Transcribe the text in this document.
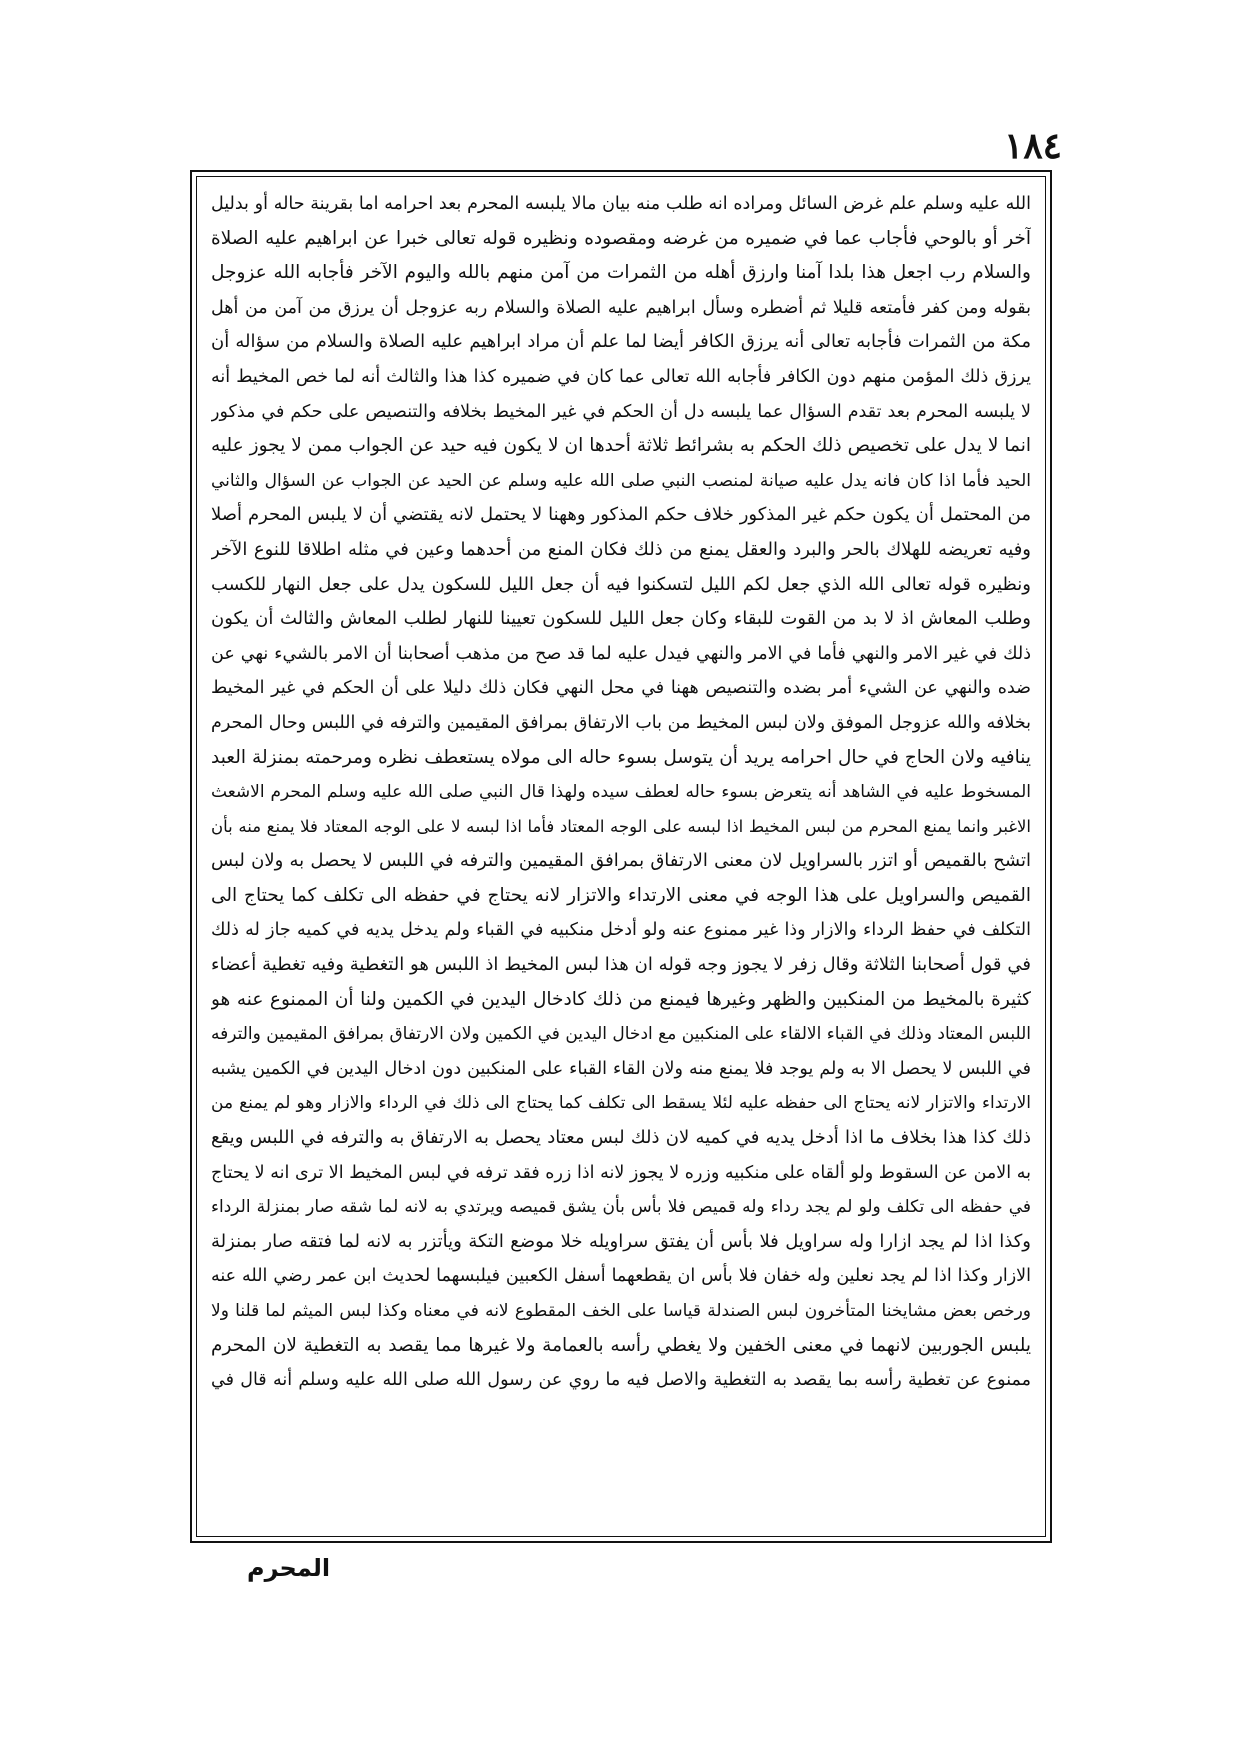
١٨٤
الله عليه وسلم علم غرض السائل ومراده انه طلب منه بيان مالا يلبسه المحرم بعد احرامه اما بقرينة حاله أو بدليل
آخر أو بالوحي فأجاب عما في ضميره من غرضه ومقصوده ونظيره قوله تعالى خبرا عن ابراهيم عليه الصلاة
والسلام رب اجعل هذا بلدا آمنا وارزق أهله من الثمرات من آمن منهم بالله واليوم الآخر فأجابه الله عزوجل
بقوله ومن كفر فأمتعه قليلا ثم أضطره وسأل ابراهيم عليه الصلاة والسلام ربه عزوجل أن يرزق من آمن من أهل
مكة من الثمرات فأجابه تعالى أنه يرزق الكافر أيضا لما علم أن مراد ابراهيم عليه الصلاة والسلام من سؤاله أن
يرزق ذلك المؤمن منهم دون الكافر فأجابه الله تعالى عما كان في ضميره كذا هذا والثالث أنه لما خص المخيط أنه
لا يلبسه المحرم بعد تقدم السؤال عما يلبسه دل أن الحكم في غير المخيط بخلافه والتنصيص على حكم في مذكور
انما لا يدل على تخصيص ذلك الحكم به بشرائط ثلاثة أحدها ان لا يكون فيه حيد عن الجواب ممن لا يجوز عليه
الحيد فأما اذا كان فانه يدل عليه صيانة لمنصب النبي صلى الله عليه وسلم عن الحيد عن الجواب عن السؤال والثاني
من المحتمل أن يكون حكم غير المذكور خلاف حكم المذكور وههنا لا يحتمل لانه يقتضي أن لا يلبس المحرم أصلا
وفيه تعريضه للهلاك بالحر والبرد والعقل يمنع من ذلك فكان المنع من أحدهما وعين في مثله اطلاقا للنوع الآخر
ونظيره قوله تعالى الله الذي جعل لكم الليل لتسكنوا فيه أن جعل الليل للسكون يدل على جعل النهار للكسب
وطلب المعاش اذ لا بد من القوت للبقاء وكان جعل الليل للسكون تعيينا للنهار لطلب المعاش والثالث أن يكون
ذلك في غير الامر والنهي فأما في الامر والنهي فيدل عليه لما قد صح من مذهب أصحابنا أن الامر بالشيء نهي عن
ضده والنهي عن الشيء أمر بضده والتنصيص ههنا في محل النهي فكان ذلك دليلا على أن الحكم في غير المخيط
بخلافه والله عزوجل الموفق ولان لبس المخيط من باب الارتفاق بمرافق المقيمين والترفه في اللبس وحال المحرم
ينافيه ولان الحاج في حال احرامه يريد أن يتوسل بسوء حاله الى مولاه يستعطف نظره ومرحمته بمنزلة العبد
المسخوط عليه في الشاهد أنه يتعرض بسوء حاله لعطف سيده ولهذا قال النبي صلى الله عليه وسلم المحرم الاشعث
الاغبر وانما يمنع المحرم من لبس المخيط اذا لبسه على الوجه المعتاد فأما اذا لبسه لا على الوجه المعتاد فلا يمنع منه بأن
اتشح بالقميص أو اتزر بالسراويل لان معنى الارتفاق بمرافق المقيمين والترفه في اللبس لا يحصل به ولان لبس
القميص والسراويل على هذا الوجه في معنى الارتداء والاتزار لانه يحتاج في حفظه الى تكلف كما يحتاج الى
التكلف في حفظ الرداء والازار وذا غير ممنوع عنه ولو أدخل منكبيه في القباء ولم يدخل يديه في كميه جاز له ذلك
في قول أصحابنا الثلاثة وقال زفر لا يجوز وجه قوله ان هذا لبس المخيط اذ اللبس هو التغطية وفيه تغطية أعضاء
كثيرة بالمخيط من المنكبين والظهر وغيرها فيمنع من ذلك كادخال اليدين في الكمين ولنا أن الممنوع عنه هو
اللبس المعتاد وذلك في القباء الالقاء على المنكبين مع ادخال اليدين في الكمين ولان الارتفاق بمرافق المقيمين والترفه
في اللبس لا يحصل الا به ولم يوجد فلا يمنع منه ولان القاء القباء على المنكبين دون ادخال اليدين في الكمين يشبه
الارتداء والاتزار لانه يحتاج الى حفظه عليه لئلا يسقط الى تكلف كما يحتاج الى ذلك في الرداء والازار وهو لم يمنع من
ذلك كذا هذا بخلاف ما اذا أدخل يديه في كميه لان ذلك لبس معتاد يحصل به الارتفاق به والترفه في اللبس ويقع
به الامن عن السقوط ولو ألقاه على منكبيه وزره لا يجوز لانه اذا زره فقد ترفه في لبس المخيط الا ترى انه لا يحتاج
في حفظه الى تكلف ولو لم يجد رداء وله قميص فلا بأس بأن يشق قميصه ويرتدي به لانه لما شقه صار بمنزلة الرداء
وكذا اذا لم يجد ازارا وله سراويل فلا بأس أن يفتق سراويله خلا موضع التكة ويأتزر به لانه لما فتقه صار بمنزلة
الازار وكذا اذا لم يجد نعلين وله خفان فلا بأس ان يقطعهما أسفل الكعبين فيلبسهما لحديث ابن عمر رضي الله عنه
ورخص بعض مشايخنا المتأخرون لبس الصندلة قياسا على الخف المقطوع لانه في معناه وكذا لبس الميثم لما قلنا ولا
يلبس الجوربين لانهما في معنى الخفين ولا يغطي رأسه بالعمامة ولا غيرها مما يقصد به التغطية لان المحرم
ممنوع عن تغطية رأسه بما يقصد به التغطية والاصل فيه ما روي عن رسول الله صلى الله عليه وسلم أنه قال في
المحرم
